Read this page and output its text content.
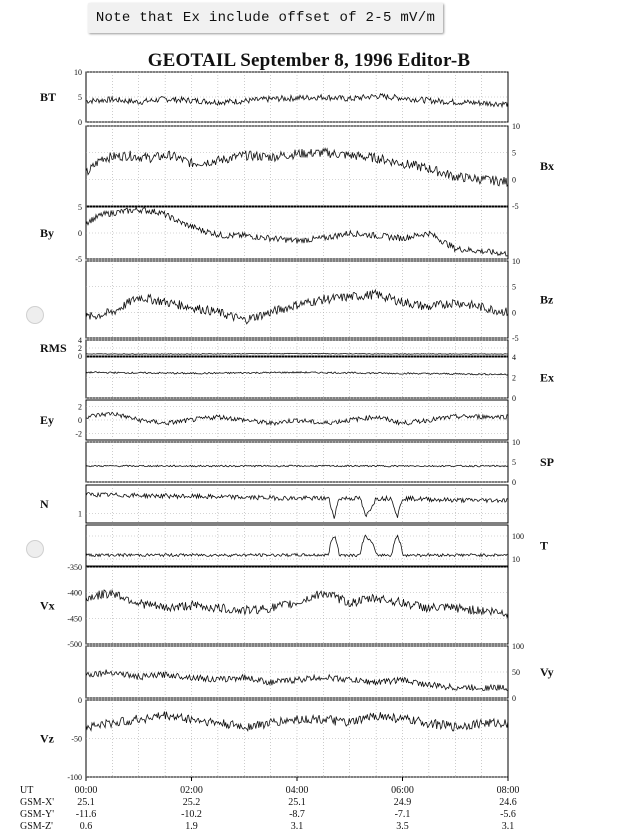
Note that Ex include offset of 2-5 mV/m
GEOTAIL September 8, 1996 Editor-B
10
5
0
BT
10
5
0
-5
Bx
5
0
-5
By
10
5
0
-5
Bz
4
2
0
RMS
4
2
0
Ex
2
0
-2
Ey
10
5
0
SP
1
N
100
10
T
-350
-400
-450
-500
Vx
100
50
0
Vy
0
-50
-100
Vz
UT
GSM-X'
GSM-Y'
GSM-Z'
00:00
25.1
-11.6
0.6
02:00
25.2
-10.2
1.9
04:00
25.1
-8.7
3.1
06:00
24.9
-7.1
3.5
08:00
24.6
-5.6
3.1
